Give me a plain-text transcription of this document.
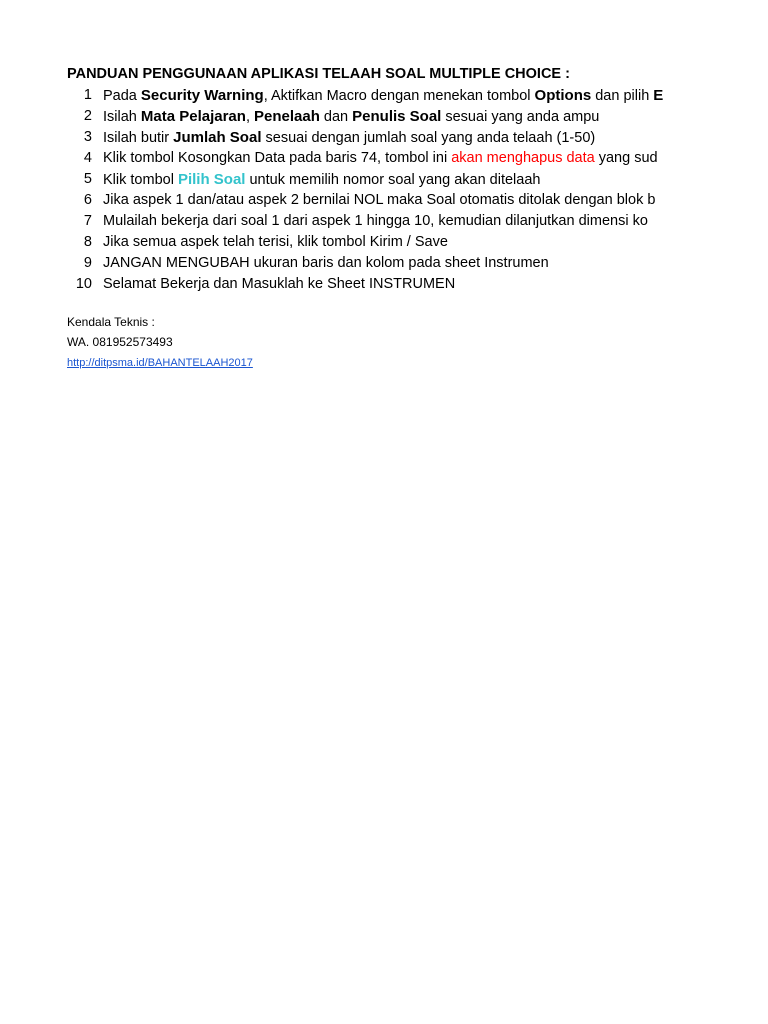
PANDUAN PENGGUNAAN APLIKASI TELAAH SOAL MULTIPLE CHOICE :
1 Pada Security Warning, Aktifkan Macro dengan menekan tombol Options dan pilih E
2 Isilah Mata Pelajaran, Penelaah dan Penulis Soal sesuai yang anda ampu
3 Isilah butir Jumlah Soal sesuai dengan jumlah soal yang anda telaah (1-50)
4 Klik tombol Kosongkan Data pada baris 74, tombol ini akan menghapus data yang sud
5 Klik tombol Pilih Soal untuk memilih nomor soal yang akan ditelaah
6 Jika aspek 1 dan/atau aspek 2 bernilai NOL maka Soal otomatis ditolak dengan blok b
7 Mulailah bekerja dari soal 1 dari aspek 1 hingga 10, kemudian dilanjutkan dimensi ko
8 Jika semua aspek telah terisi, klik tombol Kirim / Save
9 JANGAN MENGUBAH ukuran baris dan kolom pada sheet Instrumen
10 Selamat Bekerja dan Masuklah ke Sheet INSTRUMEN
Kendala Teknis :
WA. 081952573493
http://ditpsma.id/BAHANTELAAH2017
